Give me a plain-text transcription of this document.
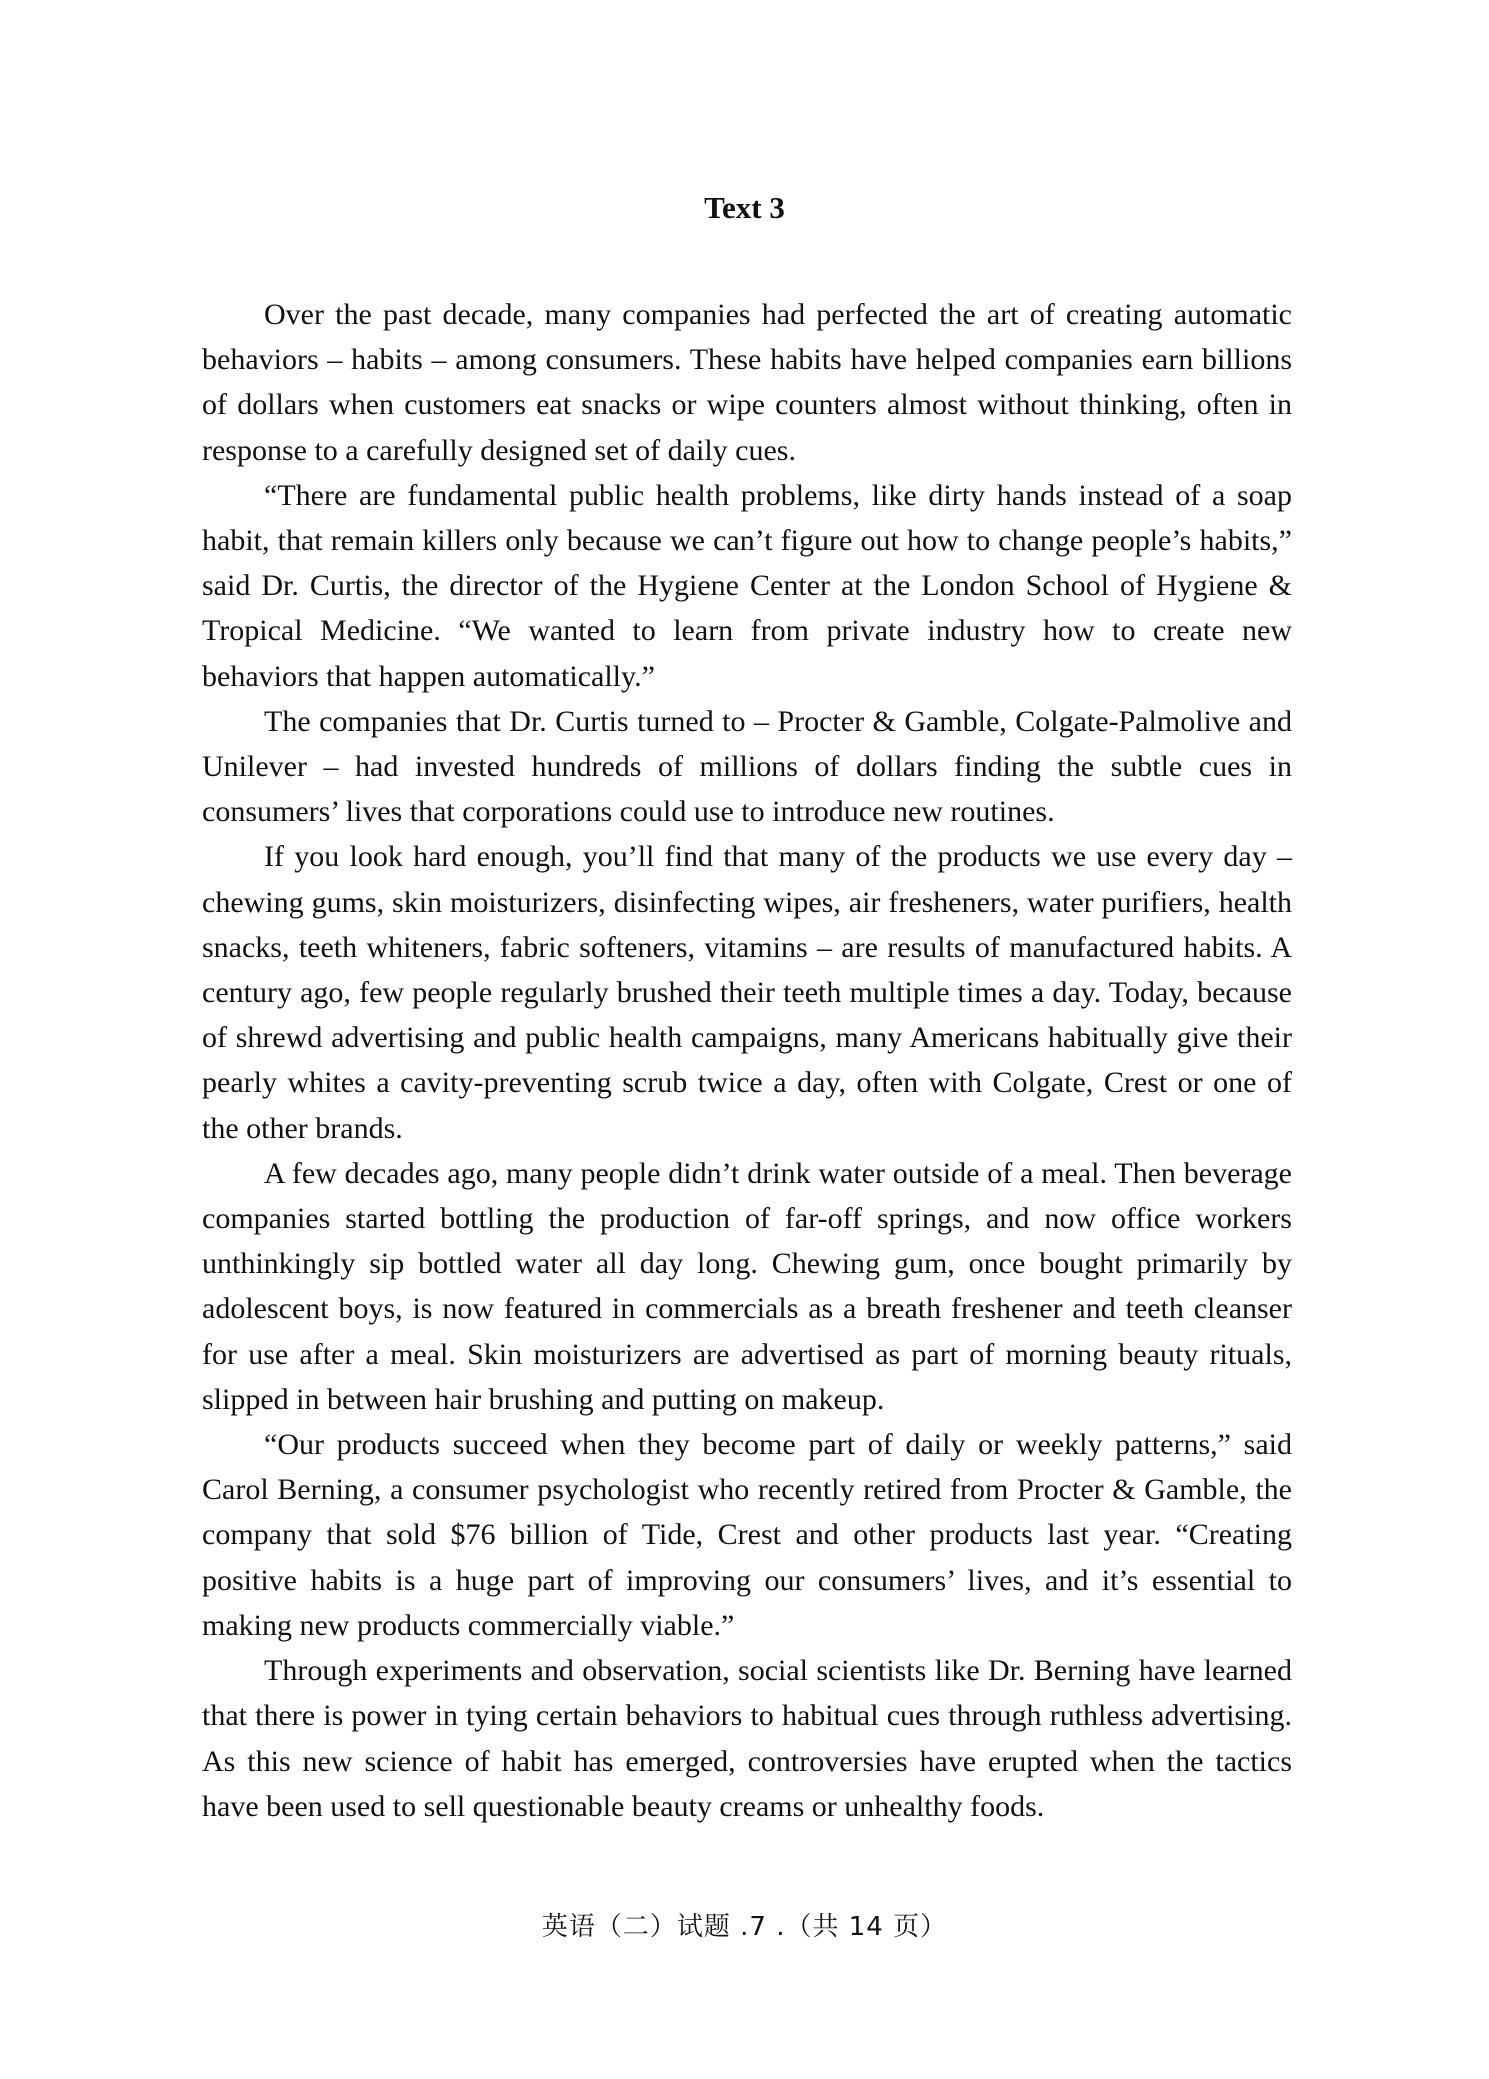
Text 3

Over the past decade, many companies had perfected the art of creating automatic behaviors – habits – among consumers. These habits have helped companies earn billions of dollars when customers eat snacks or wipe counters almost without thinking, often in response to a carefully designed set of daily cues.

“There are fundamental public health problems, like dirty hands instead of a soap habit, that remain killers only because we can’t figure out how to change people’s habits,” said Dr. Curtis, the director of the Hygiene Center at the London School of Hygiene & Tropical Medicine. “We wanted to learn from private industry how to create new behaviors that happen automatically.”

The companies that Dr. Curtis turned to – Procter & Gamble, Colgate-Palmolive and Unilever – had invested hundreds of millions of dollars finding the subtle cues in consumers’ lives that corporations could use to introduce new routines.

If you look hard enough, you’ll find that many of the products we use every day – chewing gums, skin moisturizers, disinfecting wipes, air fresheners, water purifiers, health snacks, teeth whiteners, fabric softeners, vitamins – are results of manufactured habits. A century ago, few people regularly brushed their teeth multiple times a day. Today, because of shrewd advertising and public health campaigns, many Americans habitually give their pearly whites a cavity-preventing scrub twice a day, often with Colgate, Crest or one of the other brands.

A few decades ago, many people didn’t drink water outside of a meal. Then beverage companies started bottling the production of far-off springs, and now office workers unthinkingly sip bottled water all day long. Chewing gum, once bought primarily by adolescent boys, is now featured in commercials as a breath freshener and teeth cleanser for use after a meal. Skin moisturizers are advertised as part of morning beauty rituals, slipped in between hair brushing and putting on makeup.

“Our products succeed when they become part of daily or weekly patterns,” said Carol Berning, a consumer psychologist who recently retired from Procter & Gamble, the company that sold $76 billion of Tide, Crest and other products last year. “Creating positive habits is a huge part of improving our consumers’ lives, and it’s essential to making new products commercially viable.”

Through experiments and observation, social scientists like Dr. Berning have learned that there is power in tying certain behaviors to habitual cues through ruthless advertising. As this new science of habit has emerged, controversies have erupted when the tactics have been used to sell questionable beauty creams or unhealthy foods.

英语（二）试题 .7 .（共 14 页）
